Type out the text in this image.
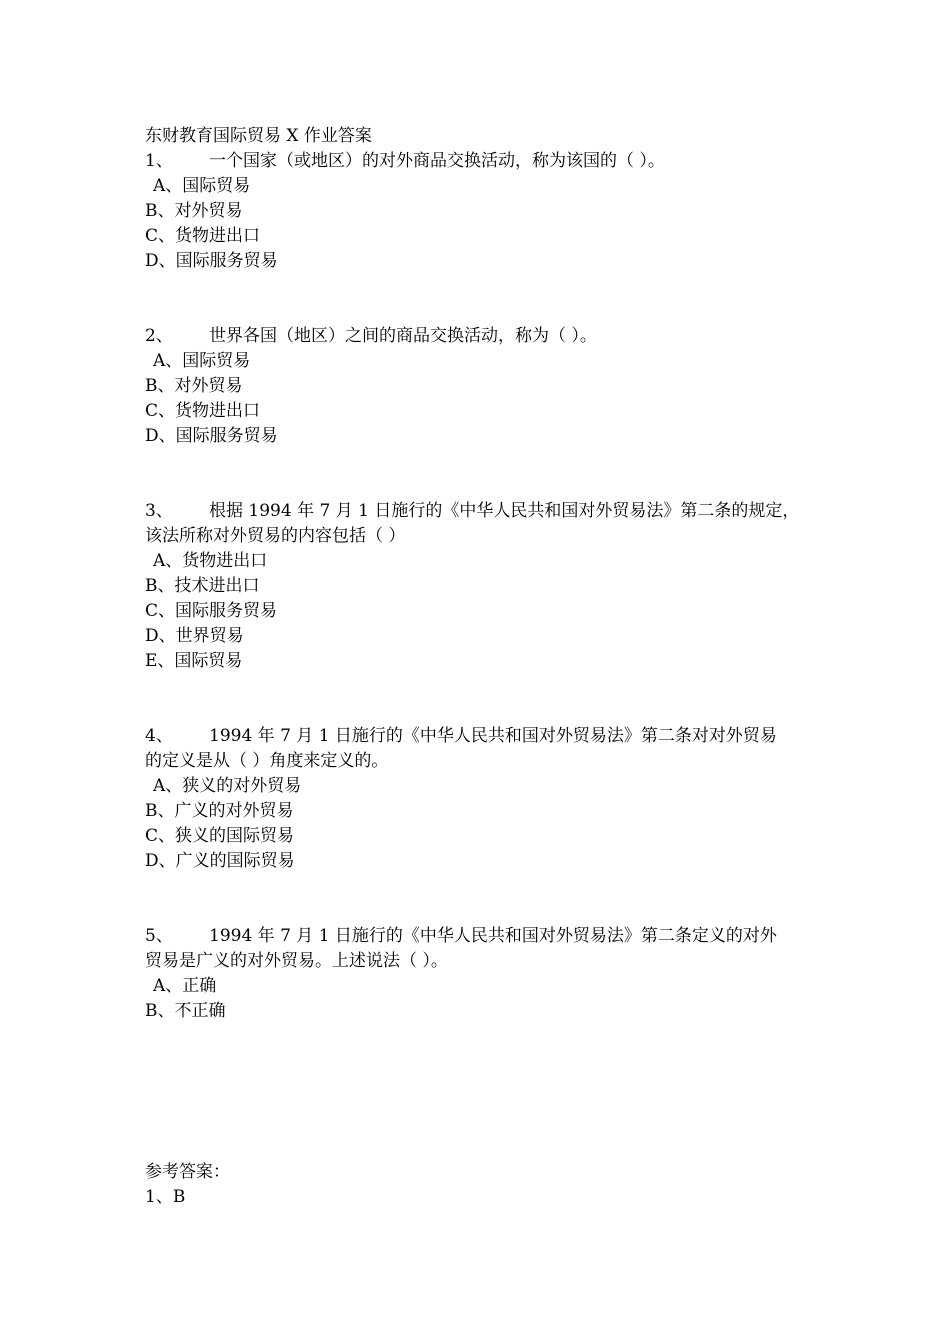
东财教育国际贸易 X 作业答案
1、	一个国家（或地区）的对外商品交换活动，称为该国的（ ）。
A、国际贸易
B、对外贸易
C、货物进出口
D、国际服务贸易
2、	世界各国（地区）之间的商品交换活动，称为（ ）。
A、国际贸易
B、对外贸易
C、货物进出口
D、国际服务贸易
3、	根据 1994 年 7 月 1 日施行的《中华人民共和国对外贸易法》第二条的规定，
该法所称对外贸易的内容包括（ ）
A、货物进出口
B、技术进出口
C、国际服务贸易
D、世界贸易
E、国际贸易
4、	1994 年 7 月 1 日施行的《中华人民共和国对外贸易法》第二条对对外贸易
的定义是从（ ）角度来定义的。
A、狭义的对外贸易
B、广义的对外贸易
C、狭义的国际贸易
D、广义的国际贸易
5、	1994 年 7 月 1 日施行的《中华人民共和国对外贸易法》第二条定义的对外
贸易是广义的对外贸易。上述说法（ ）。
A、正确
B、不正确
参考答案：
1、B
